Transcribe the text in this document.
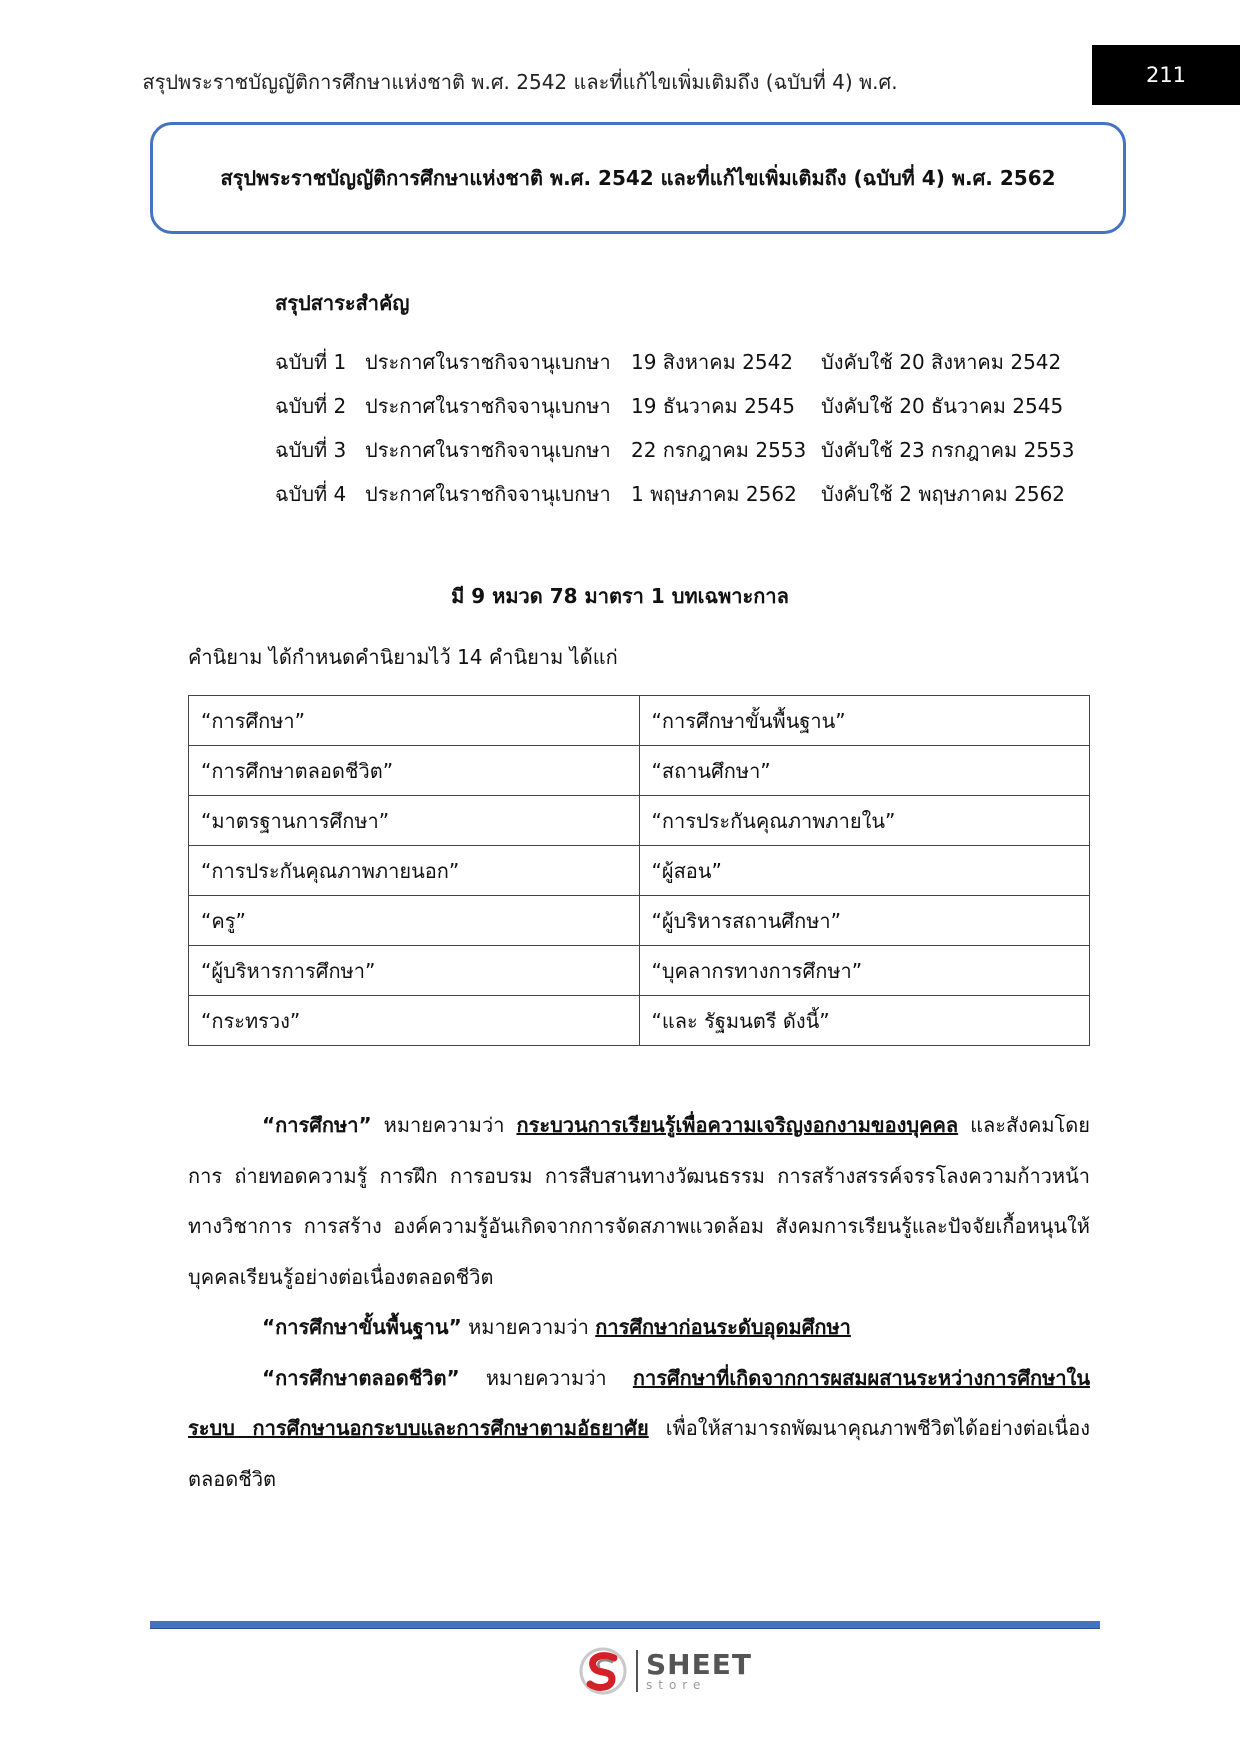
สรุปพระราชบัญญัติการศึกษาแห่งชาติ พ.ศ. 2542 และที่แก้ไขเพิ่มเติมถึง (ฉบับที่ 4) พ.ศ.	211
สรุปพระราชบัญญัติการศึกษาแห่งชาติ พ.ศ. 2542 และที่แก้ไขเพิ่มเติมถึง (ฉบับที่ 4) พ.ศ. 2562
สรุปสาระสำคัญ
ฉบับที่ 1 ประกาศในราชกิจจานุเบกษา	19 สิงหาคม 2542	บังคับใช้ 20 สิงหาคม 2542
ฉบับที่ 2 ประกาศในราชกิจจานุเบกษา	19 ธันวาคม 2545	บังคับใช้ 20 ธันวาคม 2545
ฉบับที่ 3 ประกาศในราชกิจจานุเบกษา	22 กรกฎาคม 2553 บังคับใช้ 23 กรกฎาคม 2553
ฉบับที่ 4 ประกาศในราชกิจจานุเบกษา	1 พฤษภาคม 2562	บังคับใช้ 2 พฤษภาคม 2562
มี 9 หมวด 78 มาตรา 1 บทเฉพาะกาล
คำนิยาม ได้กำหนดคำนิยามไว้ 14 คำนิยาม ได้แก่
“การศึกษา”	“การศึกษาขั้นพื้นฐาน”
“การศึกษาตลอดชีวิต”	“สถานศึกษา”
“มาตรฐานการศึกษา”	“การประกันคุณภาพภายใน”
“การประกันคุณภาพภายนอก”	“ผู้สอน”
“ครู”	“ผู้บริหารสถานศึกษา”
“ผู้บริหารการศึกษา”	“บุคลากรทางการศึกษา”
“กระทรวง”	“และ รัฐมนตรี ดังนี้”

“การศึกษา” หมายความว่า กระบวนการเรียนรู้เพื่อความเจริญงอกงามของบุคคล และสังคมโดยการ ถ่ายทอดความรู้ การฝึก การอบรม การสืบสานทางวัฒนธรรม การสร้างสรรค์จรรโลงความก้าวหน้าทางวิชาการ การสร้าง องค์ความรู้อันเกิดจากการจัดสภาพแวดล้อม สังคมการเรียนรู้และปัจจัยเกื้อหนุนให้บุคคลเรียนรู้อย่างต่อเนื่องตลอดชีวิต

“การศึกษาขั้นพื้นฐาน” หมายความว่า การศึกษาก่อนระดับอุดมศึกษา

“การศึกษาตลอดชีวิต” หมายความว่า การศึกษาที่เกิดจากการผสมผสานระหว่างการศึกษาในระบบ การศึกษานอกระบบและการศึกษาตามอัธยาศัย เพื่อให้สามารถพัฒนาคุณภาพชีวิตได้อย่างต่อเนื่องตลอดชีวิต

SHEET
store
